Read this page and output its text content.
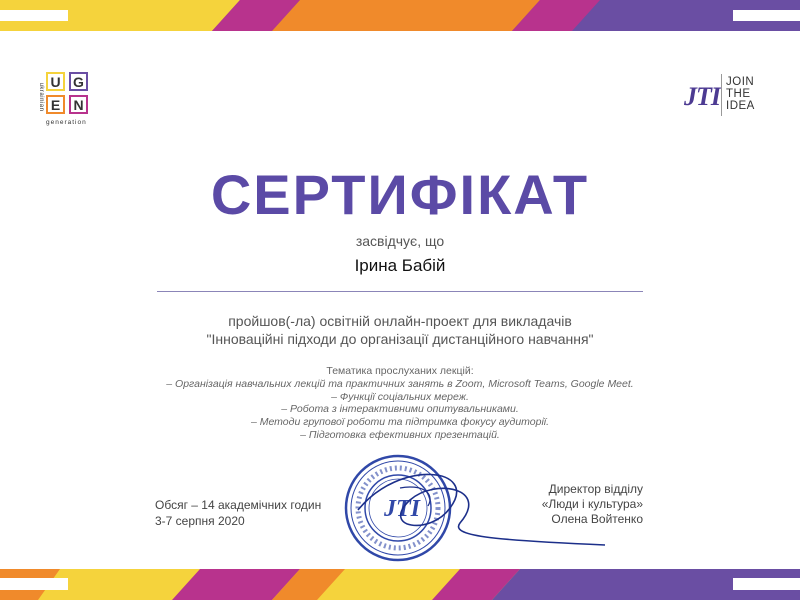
ukrainian
U G
E N
generation
JTI JOIN
THE
IDEA
СЕРТИФІКАТ
засвідчує, що
Ірина Бабій
пройшов(-ла) освітній онлайн-проект для викладачів
"Інноваційні підходи до організації дистанційного навчання"
Тематика прослуханих лекцій:
– Організація навчальних лекцій та практичних занять в Zoom, Microsoft Teams, Google Meet.
– Функції соціальних мереж.
– Робота з інтерактивними опитувальниками.
– Методи групової роботи та підтримка фокусу аудиторії.
– Підготовка ефективних презентацій.
Обсяг – 14 академічних годин
3-7 серпня 2020
Директор відділу
«Люди і культура»
Олена Войтенко
JTI
